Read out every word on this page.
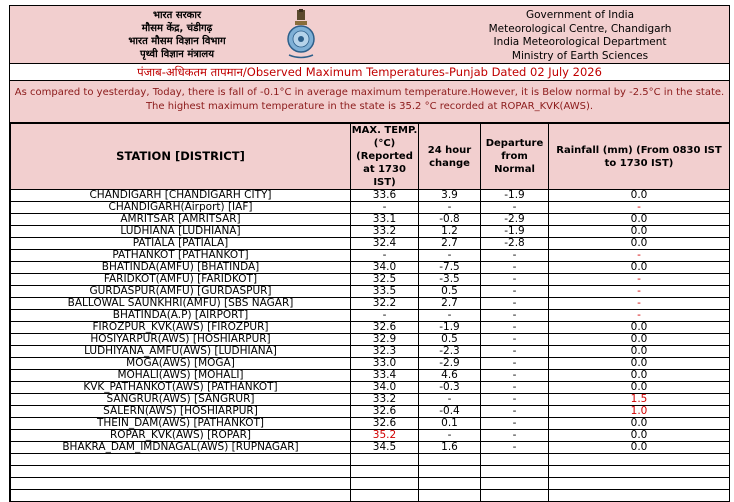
भारत सरकार
मौसम केंद्र, चंडीगढ़
भारत मौसम विज्ञान विभाग
पृथ्वी विज्ञान मंत्रालय
Government of India
Meteorological Centre, Chandigarh
India Meteorological Department
Ministry of Earth Sciences
पंजाब-अधिकतम तापमान/Observed Maximum Temperatures-Punjab Dated 02 July 2026
As compared to yesterday, Today, there is fall of -0.1°C in average maximum temperature.However, it is Below normal by -2.5°C in the state. The highest maximum temperature in the state is 35.2 °C recorded at ROPAR_KVK(AWS).
STATION [DISTRICT]	MAX. TEMP.(°C) (Reported at 1730 IST)	24 hour change	Departure from Normal	Rainfall (mm) (From 0830 IST to 1730 IST)
CHANDIGARH [CHANDIGARH CITY]	33.6	3.9	-1.9	0.0
CHANDIGARH(Airport) [IAF]	-	-	-	-
AMRITSAR [AMRITSAR]	33.1	-0.8	-2.9	0.0
LUDHIANA [LUDHIANA]	33.2	1.2	-1.9	0.0
PATIALA [PATIALA]	32.4	2.7	-2.8	0.0
PATHANKOT [PATHANKOT]	-	-	-	-
BHATINDA(AMFU) [BHATINDA]	34.0	-7.5	-	0.0
FARIDKOT(AMFU) [FARIDKOT]	32.5	-3.5	-	-
GURDASPUR(AMFU) [GURDASPUR]	33.5	0.5	-	-
BALLOWAL SAUNKHRI(AMFU) [SBS NAGAR]	32.2	2.7	-	-
BHATINDA(A.P) [AIRPORT]	-	-	-	-
FIROZPUR_KVK(AWS) [FIROZPUR]	32.6	-1.9	-	0.0
HOSIYARPUR(AWS) [HOSHIARPUR]	32.9	0.5	-	0.0
LUDHIYANA_AMFU(AWS) [LUDHIANA]	32.3	-2.3	-	0.0
MOGA(AWS) [MOGA]	33.0	-2.9	-	0.0
MOHALI(AWS) [MOHALI]	33.4	4.6	-	0.0
KVK_PATHANKOT(AWS) [PATHANKOT]	34.0	-0.3	-	0.0
SANGRUR(AWS) [SANGRUR]	33.2	-	-	1.5
SALERN(AWS) [HOSHIARPUR]	32.6	-0.4	-	1.0
THEIN_DAM(AWS) [PATHANKOT]	32.6	0.1	-	0.0
ROPAR_KVK(AWS) [ROPAR]	35.2	-	-	0.0
BHAKRA_DAM_IMDNAGAL(AWS) [RUPNAGAR]	34.5	1.6	-	0.0
